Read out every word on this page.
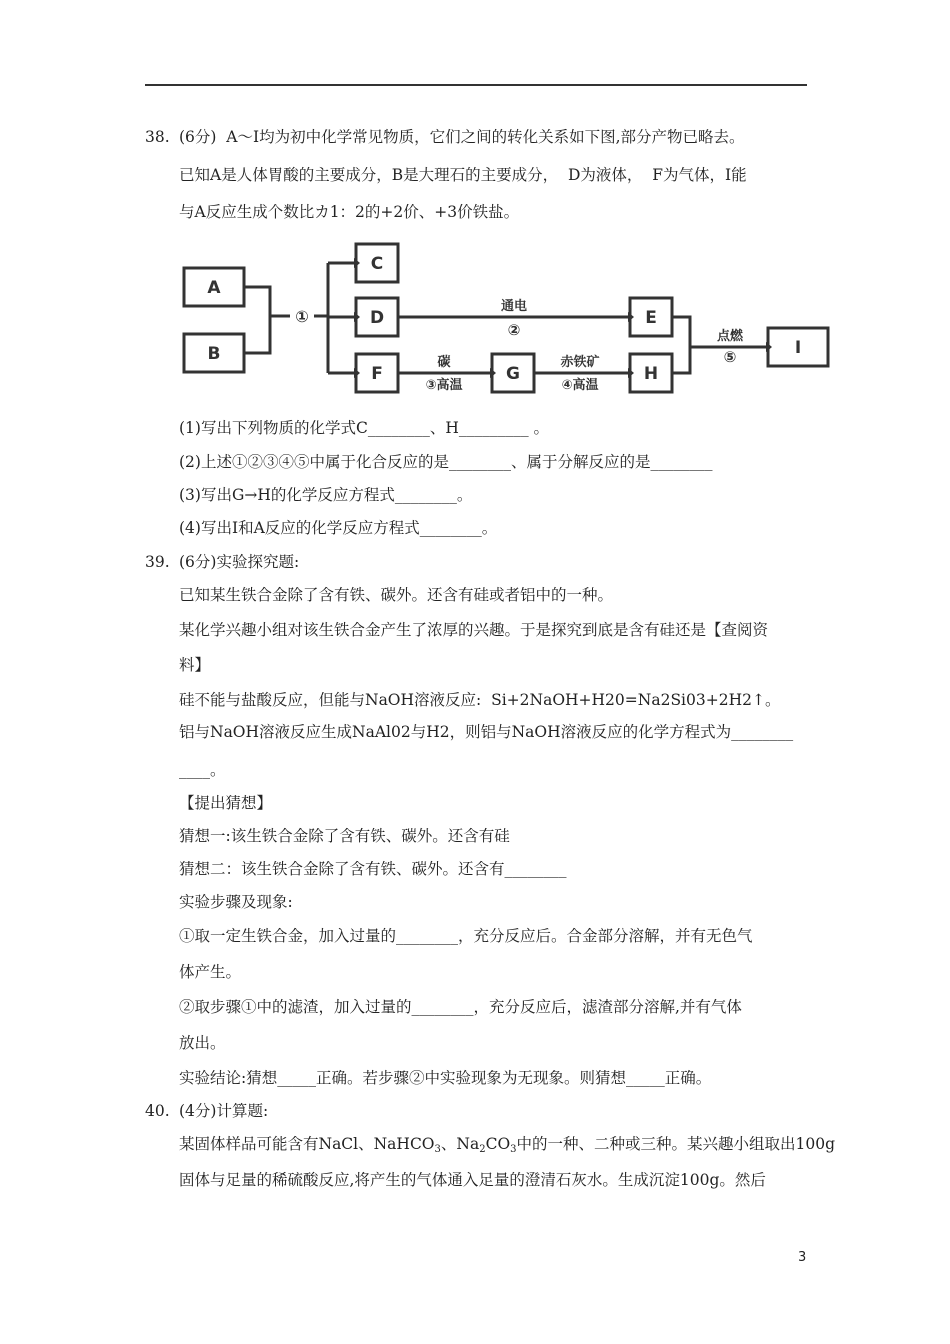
38. (6分)  A～I均为初中化学常见物质，它们之间的转化关系如下图,部分产物已略去。
已知A是人体胃酸的主要成分，B是大理石的主要成分，  D为液体，  F为气体，I能
与A反应生成个数比カ1：2的+2价、+3价铁盐。
A
B
C
D
F
E
G	H
I
①
通电
②
碳
③高温
赤铁矿
④高温
点燃
⑤
(1)写出下列物质的化学式C________、H_________ 。
(2)上述①②③④⑤中属于化合反应的是________、属于分解反应的是________
(3)写出G→H的化学反应方程式________。
(4)写出I和A反应的化学反应方程式________。
39. (6分)实验探究题:
已知某生铁合金除了含有铁、碳外。还含有硅或者铝中的一种。
某化学兴趣小组对该生铁合金产生了浓厚的兴趣。于是探究到底是含有硅还是【查阅资
料】
硅不能与盐酸反应，但能与NaOH溶液反应:  Si+2NaOH+H20=Na2Si03+2H2↑。
铝与NaOH溶液反应生成NaAl02与H2，则铝与NaOH溶液反应的化学方程式为________
____。
【提出猜想】
猜想一:该生铁合金除了含有铁、碳外。还含有硅
猜想二：该生铁合金除了含有铁、碳外。还含有________
实验步骤及现象:
①取一定生铁合金，加入过量的________，充分反应后。合金部分溶解，并有无色气
体产生。
②取步骤①中的滤渣，加入过量的________，充分反应后，滤渣部分溶解,并有气体
放出。
实验结论:猜想_____正确。若步骤②中实验现象为无现象。则猜想_____正确。
40. (4分)计算题:
某固体样品可能含有NaCl、NaHCO$_3$、$Na_2CO_3$中的一种、二种或三种。某兴趣小组取出100g
固体与足量的稀硫酸反应,将产生的气体通入足量的澄清石灰水。生成沉淀100g。然后
3
